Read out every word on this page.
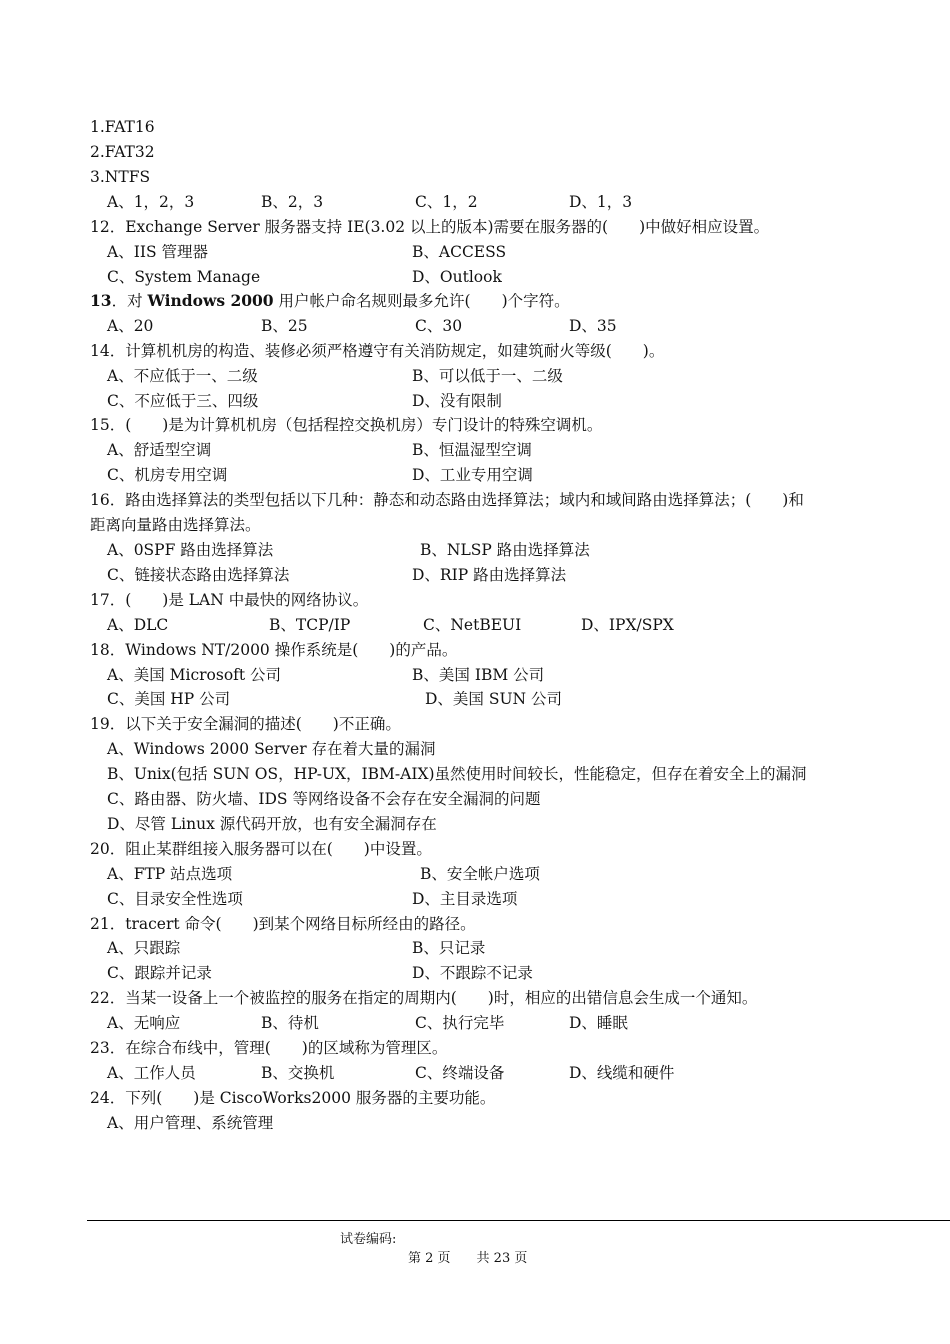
1.FAT16
2.FAT32
3.NTFS
A、1，2，3	B、2，3	C、1，2	D、1，3
12．Exchange Server 服务器支持 IE(3.02 以上的版本)需要在服务器的(　　)中做好相应设置。
A、IIS 管理器	B、ACCESS
C、System Manage	D、Outlook
13．对 Windows 2000 用户帐户命名规则最多允许(　　)个字符。
A、20	B、25	C、30	D、35
14．计算机机房的构造、装修必须严格遵守有关消防规定，如建筑耐火等级(　　)。
A、不应低于一、二级	B、可以低于一、二级
C、不应低于三、四级	D、没有限制
15．(　　)是为计算机机房（包括程控交换机房）专门设计的特殊空调机。
A、舒适型空调	B、恒温湿型空调
C、机房专用空调	D、工业专用空调
16．路由选择算法的类型包括以下几种：静态和动态路由选择算法；域内和域间路由选择算法；(　　)和
距离向量路由选择算法。
A、0SPF 路由选择算法	B、NLSP 路由选择算法
C、链接状态路由选择算法	D、RIP 路由选择算法
17．(　　)是 LAN 中最快的网络协议。
A、DLC	B、TCP/IP	C、NetBEUI	D、IPX/SPX
18．Windows NT/2000 操作系统是(　　)的产品。
A、美国 Microsoft 公司	B、美国 IBM 公司
C、美国 HP 公司	D、美国 SUN 公司
19．以下关于安全漏洞的描述(　　)不正确。
A、Windows 2000 Server 存在着大量的漏洞
B、Unix(包括 SUN OS，HP-UX，IBM-AIX)虽然使用时间较长，性能稳定，但存在着安全上的漏洞
C、路由器、防火墙、IDS 等网络设备不会存在安全漏洞的问题
D、尽管 Linux 源代码开放，也有安全漏洞存在
20．阻止某群组接入服务器可以在(　　)中设置。
A、FTP 站点选项	B、安全帐户选项
C、目录安全性选项	D、主目录选项
21．tracert 命令(　　)到某个网络目标所经由的路径。
A、只跟踪	B、只记录
C、跟踪并记录	D、不跟踪不记录
22．当某一设备上一个被监控的服务在指定的周期内(　　)时，相应的出错信息会生成一个通知。
A、无响应	B、待机	C、执行完毕	D、睡眠
23．在综合布线中，管理(　　)的区域称为管理区。
A、工作人员	B、交换机	C、终端设备	D、线缆和硬件
24．下列(　　)是 CiscoWorks2000 服务器的主要功能。
A、用户管理、系统管理
试卷编码:
第 2 页　　共 23 页
